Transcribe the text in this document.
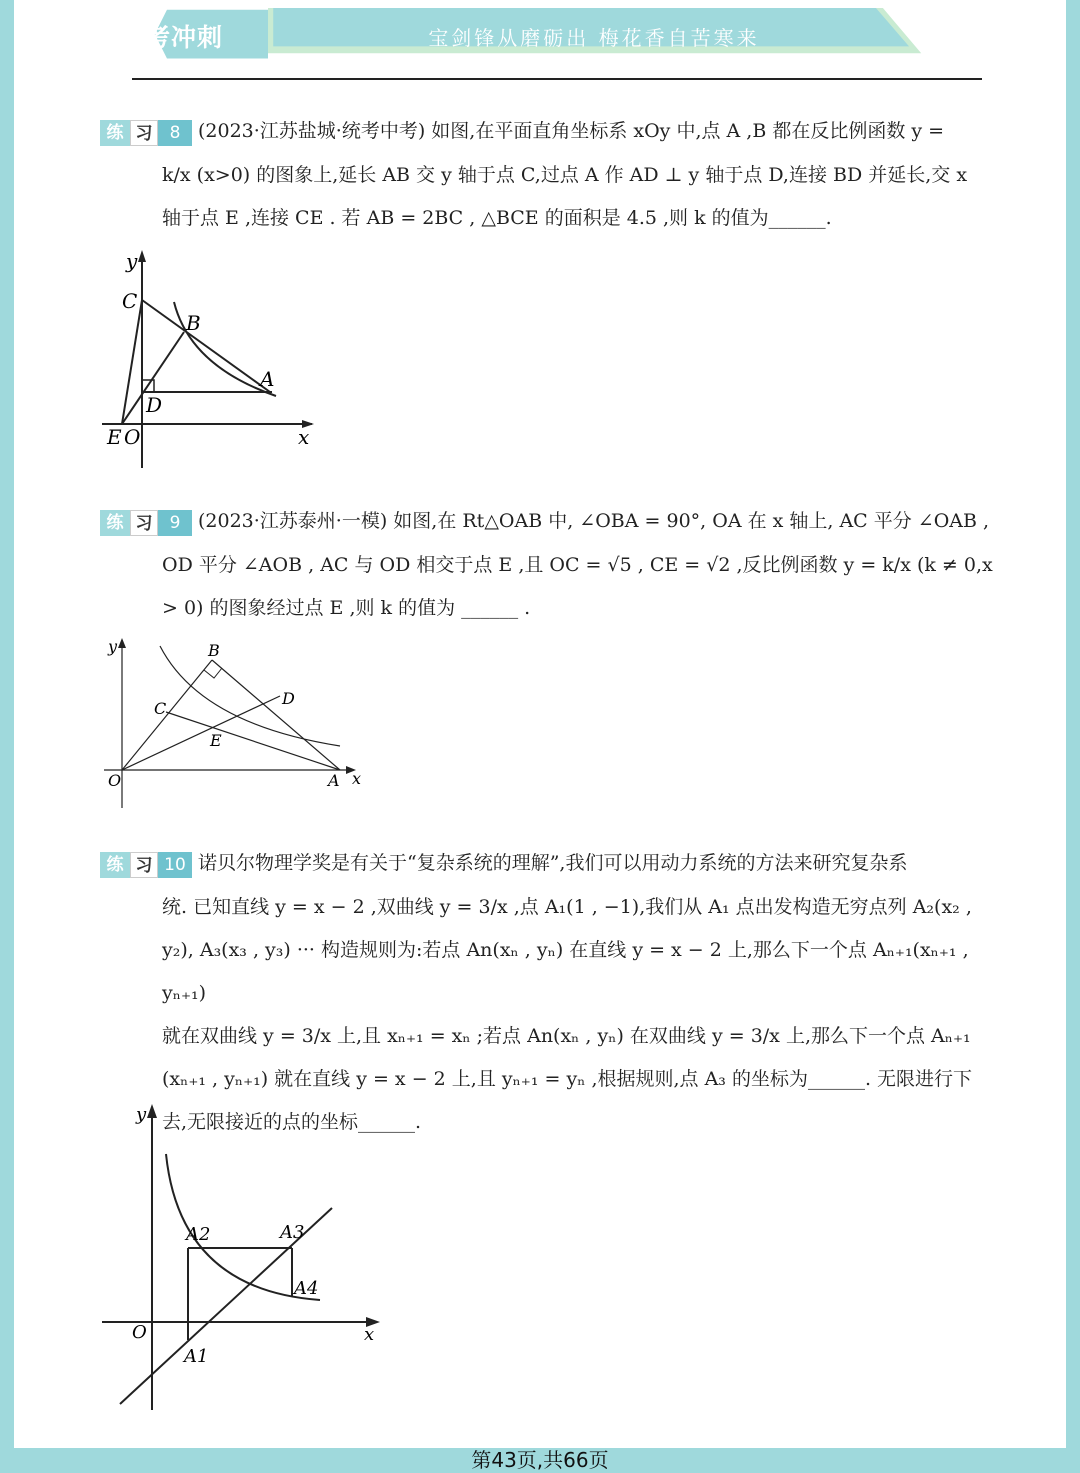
中考冲刺	宝剑锋从磨砺出 梅花香自苦寒来

练 习 8 (2023·江苏盐城·统考中考) 如图,在平面直角坐标系 xOy 中,点 A ,B 都在反比例函数 y =

k/x (x>0) 的图象上,延长 AB 交 y 轴于点 C,过点 A 作 AD ⊥ y 轴于点 D,连接 BD 并延长,交 x

轴于点 E ,连接 CE . 若 AB = 2BC , △BCE 的面积是 4.5 ,则 k 的值为______.

y
C
B
A
D
E O	x

练 习 9 (2023·江苏泰州·一模) 如图,在 Rt△OAB 中, ∠OBA = 90°, OA 在 x 轴上, AC 平分 ∠OAB ,

OD 平分 ∠AOB , AC 与 OD 相交于点 E ,且 OC = √5 , CE = √2 ,反比例函数 y = k/x (k ≠ 0,x

> 0) 的图象经过点 E ,则 k 的值为 ______ .

y	B
C
D
E
O	A x

练 习 10 诺贝尔物理学奖是有关于“复杂系统的理解”,我们可以用动力系统的方法来研究复杂系

统. 已知直线 y = x − 2 ,双曲线 y = 3/x ,点 A₁(1 , −1),我们从 A₁ 点出发构造无穷点列 A₂(x₂ ,

y₂), A₃(x₃ , y₃) ··· 构造规则为:若点 An(xₙ , yₙ) 在直线 y = x − 2 上,那么下一个点 Aₙ₊₁(xₙ₊₁ , yₙ₊₁)

就在双曲线 y = 3/x 上,且 xₙ₊₁ = xₙ ;若点 An(xₙ , yₙ) 在双曲线 y = 3/x 上,那么下一个点 Aₙ₊₁

(xₙ₊₁ , yₙ₊₁) 就在直线 y = x − 2 上,且 yₙ₊₁ = yₙ ,根据规则,点 A₃ 的坐标为______. 无限进行下

去,无限接近的点的坐标______.

y
A2	A3
A4
O
A1
x
第43页,共66页
